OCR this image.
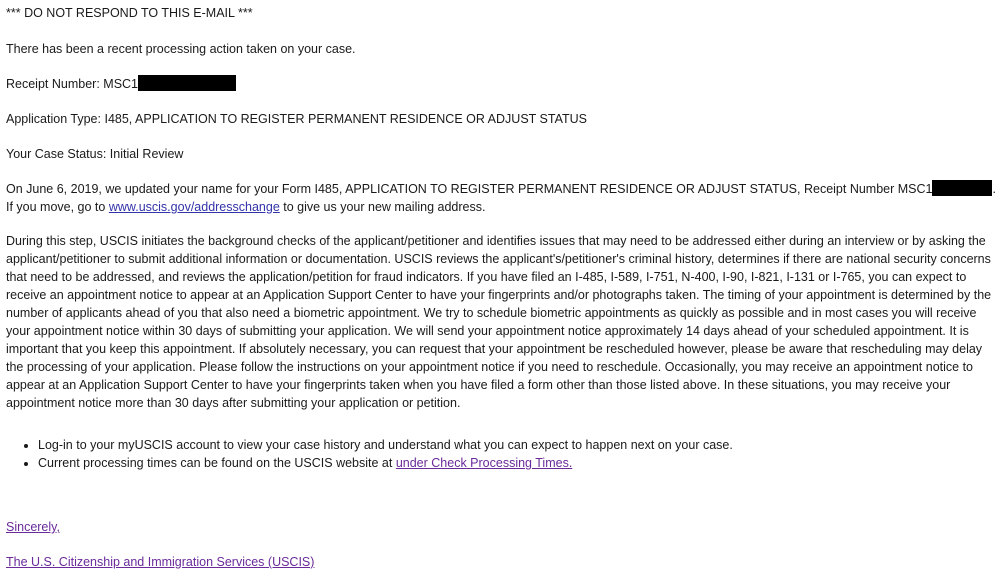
*** DO NOT RESPOND TO THIS E-MAIL ***

There has been a recent processing action taken on your case.

Receipt Number: MSC1

Application Type: I485, APPLICATION TO REGISTER PERMANENT RESIDENCE OR ADJUST STATUS

Your Case Status: Initial Review

On June 6, 2019, we updated your name for your Form I485, APPLICATION TO REGISTER PERMANENT RESIDENCE OR ADJUST STATUS, Receipt Number MSC1	. If you move, go to www.uscis.gov/addresschange to give us your new mailing address.

During this step, USCIS initiates the background checks of the applicant/petitioner and identifies issues that may need to be addressed either during an interview or by asking the applicant/petitioner to submit additional information or documentation. USCIS reviews the applicant's/petitioner's criminal history, determines if there are national security concerns that need to be addressed, and reviews the application/petition for fraud indicators. If you have filed an I-485, I-589, I-751, N-400, I-90, I-821, I-131 or I-765, you can expect to receive an appointment notice to appear at an Application Support Center to have your fingerprints and/or photographs taken. The timing of your appointment is determined by the number of applicants ahead of you that also need a biometric appointment. We try to schedule biometric appointments as quickly as possible and in most cases you will receive your appointment notice within 30 days of submitting your application. We will send your appointment notice approximately 14 days ahead of your scheduled appointment. It is important that you keep this appointment. If absolutely necessary, you can request that your appointment be rescheduled however, please be aware that rescheduling may delay the processing of your application. Please follow the instructions on your appointment notice if you need to reschedule. Occasionally, you may receive an appointment notice to appear at an Application Support Center to have your fingerprints taken when you have filed a form other than those listed above. In these situations, you may receive your appointment notice more than 30 days after submitting your application or petition.

• Log-in to your myUSCIS account to view your case history and understand what you can expect to happen next on your case.
• Current processing times can be found on the USCIS website at under Check Processing Times.

Sincerely,

The U.S. Citizenship and Immigration Services (USCIS)
